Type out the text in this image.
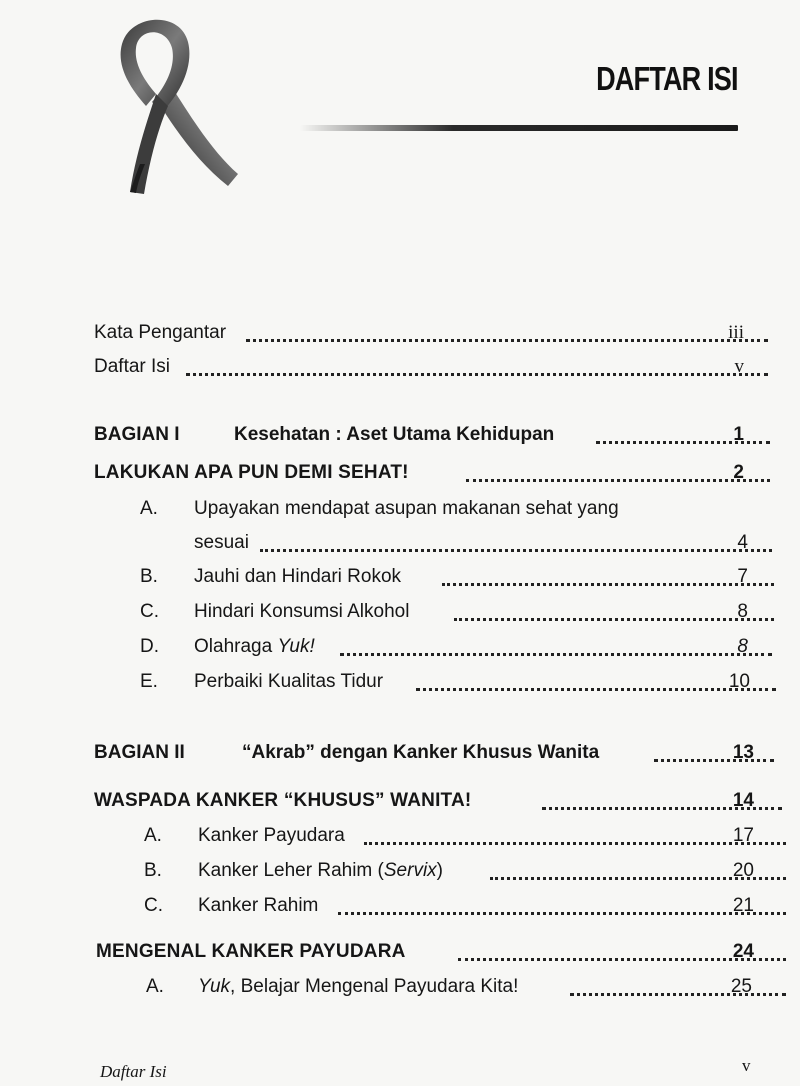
DAFTAR ISI
Kata Pengantar	iii
Daftar Isi	v
BAGIAN I	Kesehatan : Aset Utama Kehidupan	1
LAKUKAN APA PUN DEMI SEHAT!	2
A. Upayakan mendapat asupan makanan sehat yang
sesuai	4
B. Jauhi dan Hindari Rokok	7
C. Hindari Konsumsi Alkohol	8
D. Olahraga Yuk!	8
E. Perbaiki Kualitas Tidur	10
BAGIAN II	“Akrab” dengan Kanker Khusus Wanita	13
WASPADA KANKER “KHUSUS” WANITA!	14
A. Kanker Payudara	17
B. Kanker Leher Rahim (Servix)	20
C. Kanker Rahim	21
MENGENAL KANKER PAYUDARA	24
A. Yuk, Belajar Mengenal Payudara Kita!	25
Daftar Isi	v
